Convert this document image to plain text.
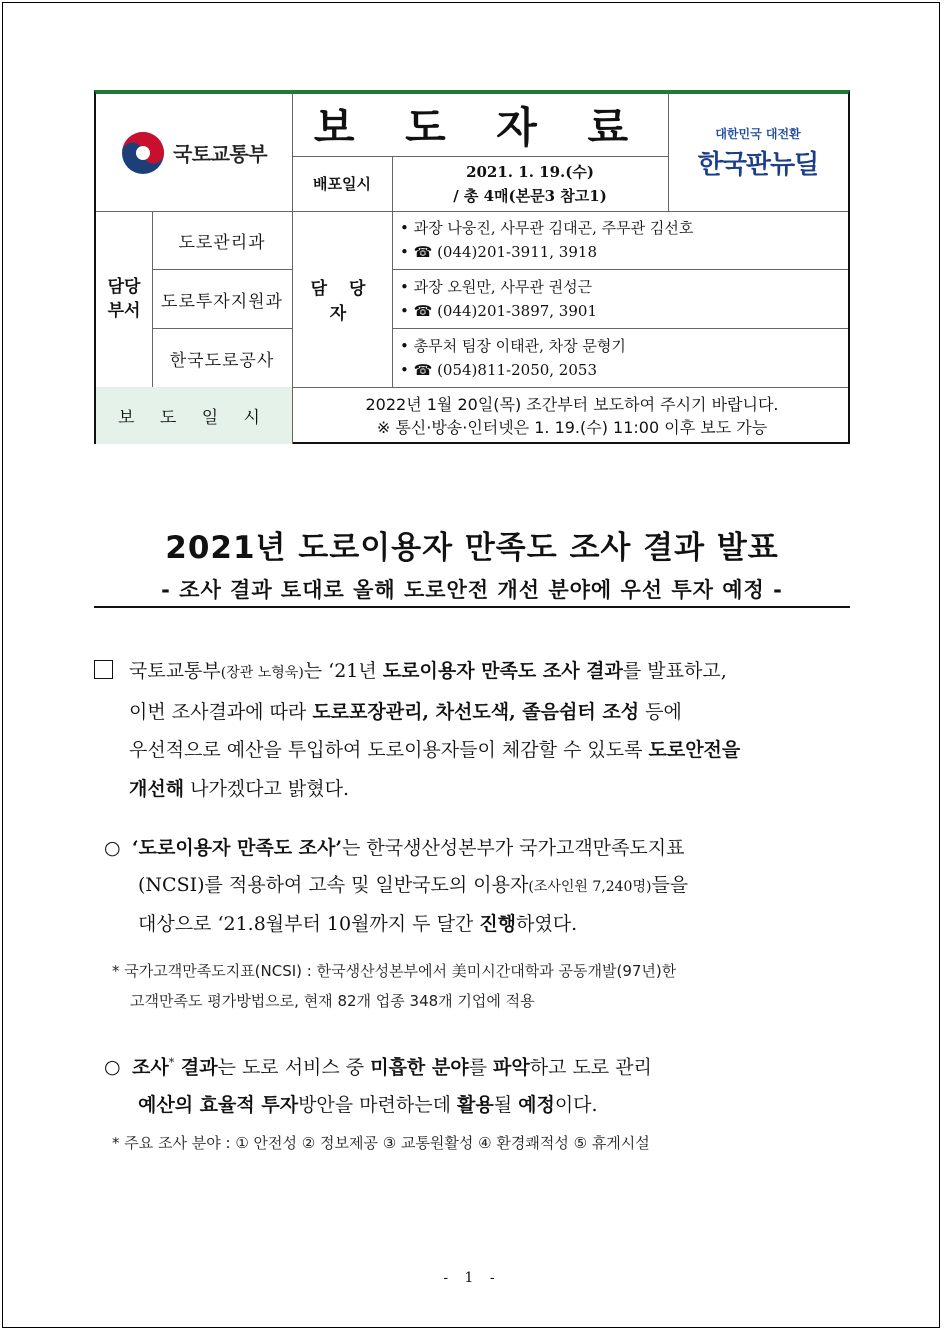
국토교통부
보 도 자 료
배포일시
2021. 1. 19.(수)
/ 총 4매(본문3 참고1)
대한민국 대전환
한국판뉴딜
담당
부서
도로관리과
도로투자지원과
한국도로공사
담 당 자
• 과장 나웅진, 사무관 김대곤, 주무관 김선호
• ☎ (044)201-3911, 3918
• 과장 오원만, 사무관 권성근
• ☎ (044)201-3897, 3901
• 총무처 팀장 이태관, 차장 문형기
• ☎ (054)811-2050, 2053
보 도 일 시
2022년 1월 20일(목) 조간부터 보도하여 주시기 바랍니다.
※ 통신·방송·인터넷은 1. 19.(수) 11:00 이후 보도 가능
2021년 도로이용자 만족도 조사 결과 발표
- 조사 결과 토대로 올해 도로안전 개선 분야에 우선 투자 예정 -
국토교통부(장관 노형욱)는 ‘21년 도로이용자 만족도 조사 결과를 발표하고,
이번 조사결과에 따라 도로포장관리, 차선도색, 졸음쉼터 조성 등에
우선적으로 예산을 투입하여 도로이용자들이 체감할 수 있도록 도로안전을
개선해 나가겠다고 밝혔다.
○ ‘도로이용자 만족도 조사’는 한국생산성본부가 국가고객만족도지표
(NCSI)를 적용하여 고속 및 일반국도의 이용자(조사인원 7,240명)들을
대상으로 ‘21.8월부터 10월까지 두 달간 진행하였다.
* 국가고객만족도지표(NCSI) : 한국생산성본부에서 美미시간대학과 공동개발(97년)한
고객만족도 평가방법으로, 현재 82개 업종 348개 기업에 적용
○ 조사* 결과는 도로 서비스 중 미흡한 분야를 파악하고 도로 관리
예산의 효율적 투자방안을 마련하는데 활용될 예정이다.
* 주요 조사 분야 : ① 안전성 ② 정보제공 ③ 교통원활성 ④ 환경쾌적성 ⑤ 휴게시설
- 1 -
